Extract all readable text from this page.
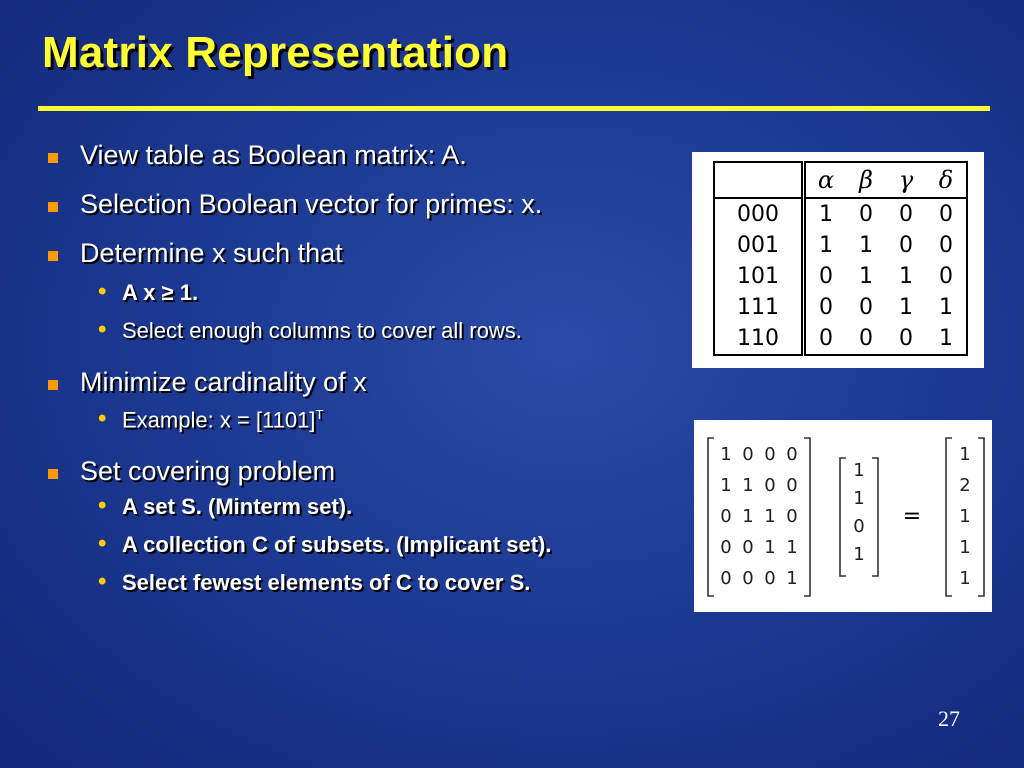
Matrix Representation
View table as Boolean matrix: A.
Selection Boolean vector for primes: x.
Determine x such that
• A x ≥ 1.
• Select enough columns to cover all rows.
Minimize cardinality of x
• Example: $x = [1101]^T$
Set covering problem
• A set S. (Minterm set).
• A collection C of subsets. (Implicant set).
• Select fewest elements of C to cover S.
	α	β	γ	δ
000	1	0	0	0
001	1	1	0	0
101	0	1	1	0
111	0	0	1	1
110	0	0	0	1
1 0 0 0
1 1 0 0
0 1 1 0
0 0 1 1
0 0 0 1
1
1
0
1
1
2
1
1
1
=
27
